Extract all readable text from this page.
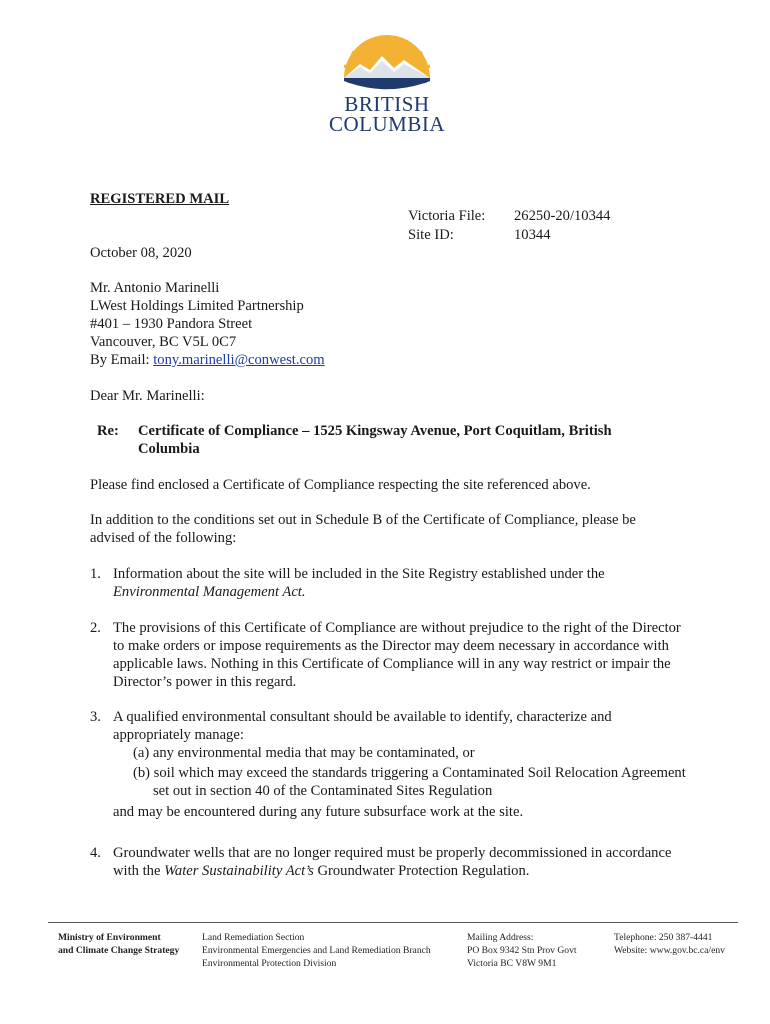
BRITISH
COLUMBIA
REGISTERED MAIL
Victoria File: 26250-20/10344
Site ID:	10344
October 08, 2020
Mr. Antonio Marinelli
LWest Holdings Limited Partnership
#401 – 1930 Pandora Street
Vancouver, BC V5L 0C7
By Email: tony.marinelli@conwest.com
Dear Mr. Marinelli:
Re: Certificate of Compliance – 1525 Kingsway Avenue, Port Coquitlam, British
Columbia
Please find enclosed a Certificate of Compliance respecting the site referenced above.
In addition to the conditions set out in Schedule B of the Certificate of Compliance, please be
advised of the following:
1. Information about the site will be included in the Site Registry established under the
Environmental Management Act.
2. The provisions of this Certificate of Compliance are without prejudice to the right of the Director
to make orders or impose requirements as the Director may deem necessary in accordance with
applicable laws. Nothing in this Certificate of Compliance will in any way restrict or impair the
Director’s power in this regard.
3. A qualified environmental consultant should be available to identify, characterize and
appropriately manage:
(a) any environmental media that may be contaminated, or
(b) soil which may exceed the standards triggering a Contaminated Soil Relocation Agreement
set out in section 40 of the Contaminated Sites Regulation
and may be encountered during any future subsurface work at the site.
4. Groundwater wells that are no longer required must be properly decommissioned in accordance
with the Water Sustainability Act’s Groundwater Protection Regulation.
Ministry of Environment
and Climate Change Strategy
Land Remediation Section
Environmental Emergencies and Land Remediation Branch
Environmental Protection Division
Mailing Address:
PO Box 9342 Stn Prov Govt
Victoria BC V8W 9M1
Telephone: 250 387-4441
Website: www.gov.bc.ca/env
